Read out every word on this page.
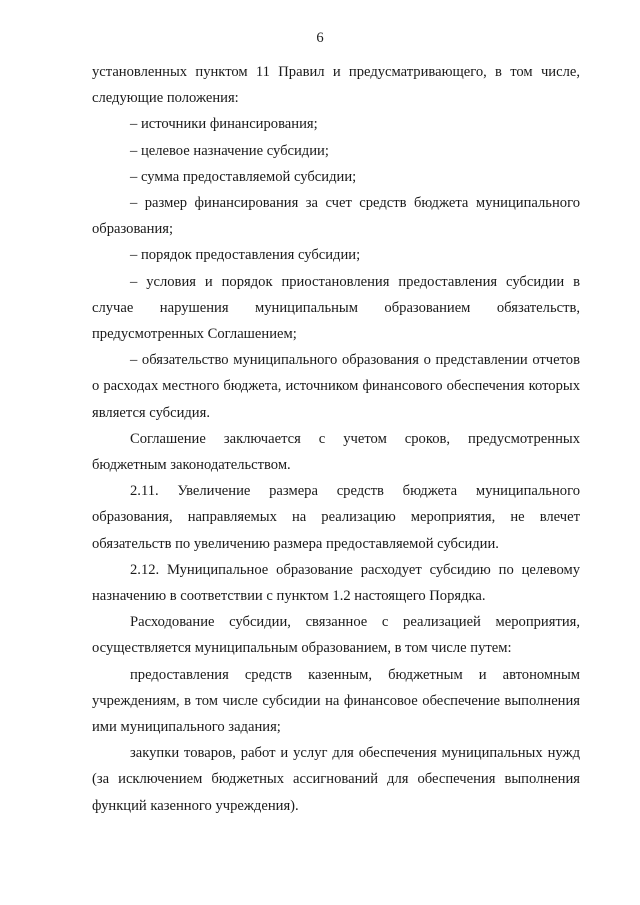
6

установленных пунктом 11 Правил и предусматривающего, в том числе, следующие положения:

– источники финансирования;

– целевое назначение субсидии;

– сумма предоставляемой субсидии;

– размер финансирования за счет средств бюджета муниципального образования;

– порядок предоставления субсидии;

– условия и порядок приостановления предоставления субсидии в случае нарушения муниципальным образованием обязательств, предусмотренных Соглашением;

– обязательство муниципального образования о представлении отчетов о расходах местного бюджета, источником финансового обеспечения которых является субсидия.

Соглашение заключается с учетом сроков, предусмотренных бюджетным законодательством.

2.11. Увеличение размера средств бюджета муниципального образования, направляемых на реализацию мероприятия, не влечет обязательств по увеличению размера предоставляемой субсидии.

2.12. Муниципальное образование расходует субсидию по целевому назначению в соответствии с пунктом 1.2 настоящего Порядка.

Расходование субсидии, связанное с реализацией мероприятия, осуществляется муниципальным образованием, в том числе путем:

предоставления средств казенным, бюджетным и автономным учреждениям, в том числе субсидии на финансовое обеспечение выполнения ими муниципального задания;

закупки товаров, работ и услуг для обеспечения муниципальных нужд (за исключением бюджетных ассигнований для обеспечения выполнения функций казенного учреждения).
